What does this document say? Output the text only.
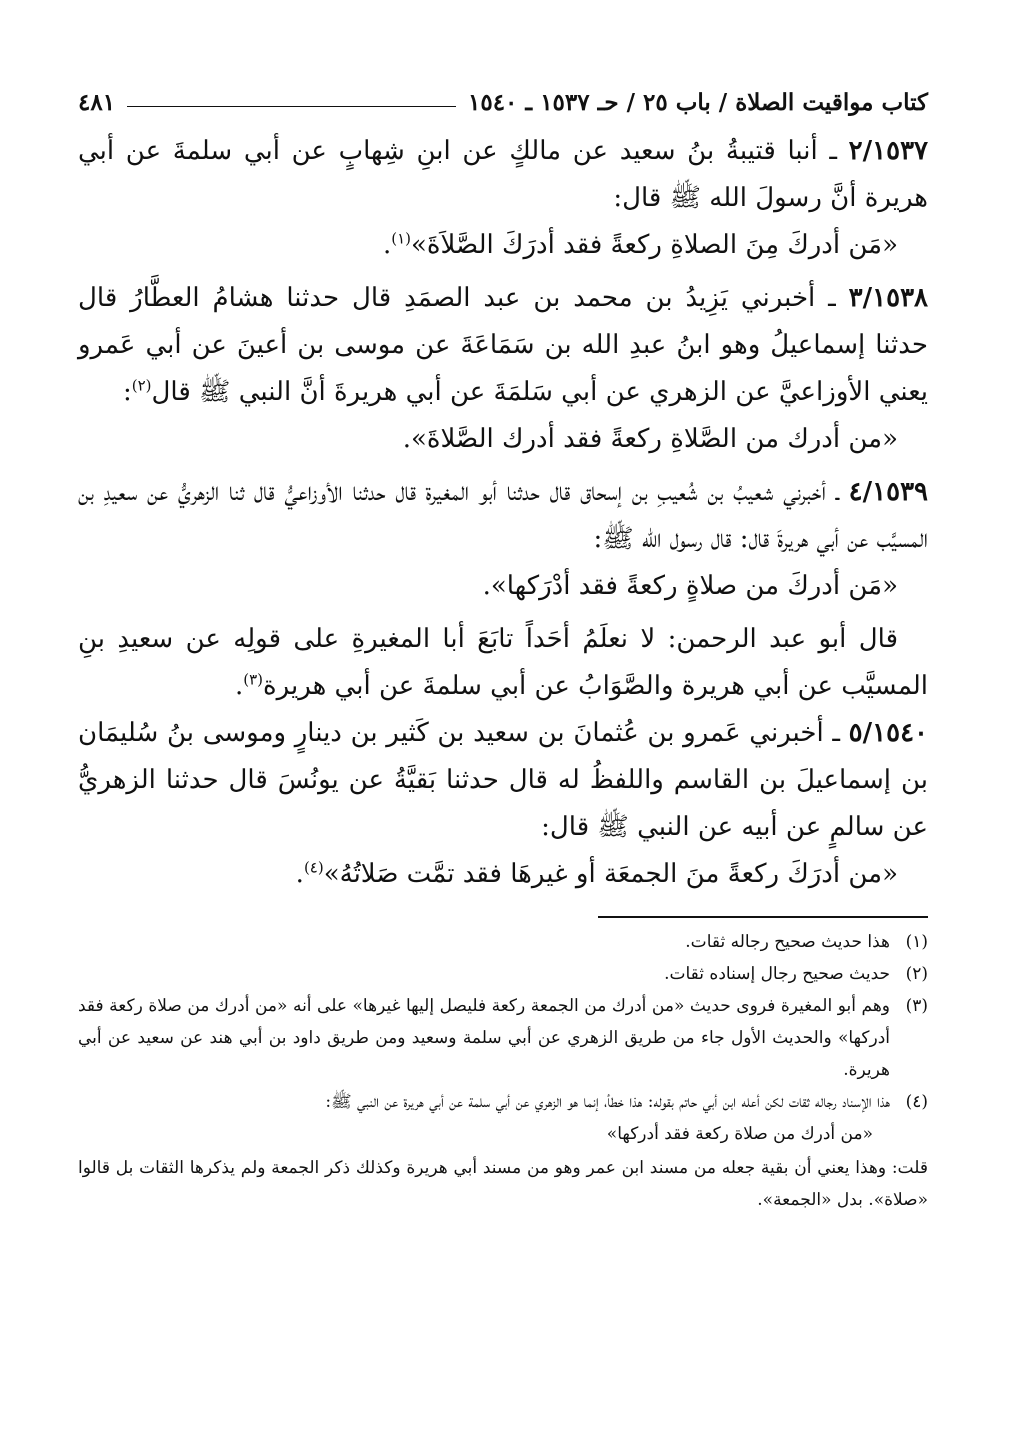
كتاب مواقيت الصلاة / باب ٢٥ / حـ ١٥٣٧ ـ ١٥٤٠
٤٨١

٢/١٥٣٧ ـ أنبا قتيبةُ بنُ سعيد عن مالكٍ عن ابنِ شِهابٍ عن أبي سلمةَ عن أبي هريرة أنَّ رسولَ الله ﷺ قال:

«مَن أدركَ مِنَ الصلاةِ ركعةً فقد أدرَكَ الصَّلاَةَ»$^{(١)}$.

٣/١٥٣٨ ـ أخبرني يَزِيدُ بن محمد بن عبد الصمَدِ قال حدثنا هشامُ العطَّارُ قال حدثنا إسماعيلُ وهو ابنُ عبدِ الله بن سَمَاعَةَ عن موسى بن أعينَ عن أبي عَمرو يعني الأوزاعيَّ عن الزهري عن أبي سَلمَةَ عن أبي هريرةَ أنَّ النبي ﷺ قال$^{(٢)}$:

«من أدرك من الصَّلاةِ ركعةً فقد أدرك الصَّلاةَ».

٤/١٥٣٩ ـ أخبرني شعيبُ بن شُعيبِ بن إسحاق قال حدثنا أبو المغيرة قال حدثنا الأوزاعيُّ قال ثنا الزهريُّ عن سعيدِ بن المسيَّب عن أبي هريرةَ قال: قال رسول الله ﷺ:

«مَن أدركَ من صلاةٍ ركعةً فقد أدْرَكها».

قال أبو عبد الرحمن: لا نعلَمُ أحَداً تابَعَ أبا المغيرةِ على قولِه عن سعيدِ بنِ المسيَّب عن أبي هريرة والصَّوَابُ عن أبي سلمةَ عن أبي هريرة$^{(٣)}$.

٥/١٥٤٠ ـ أخبرني عَمرو بن عُثمانَ بن سعيد بن كَثير بن دينارٍ وموسى بنُ سُليمَان بن إسماعيلَ بن القاسم واللفظُ له قال حدثنا بَقيَّةُ عن يونُسَ قال حدثنا الزهريُّ عن سالمٍ عن أبيه عن النبي ﷺ قال:

«من أدرَكَ ركعةً منَ الجمعَة أو غيرهَا فقد تمَّت صَلاتُهُ»$^{(٤)}$.

(١)
هذا حديث صحيح رجاله ثقات.
(٢)
حديث صحيح رجال إسناده ثقات.
(٣)
وهم أبو المغيرة فروى حديث «من أدرك من الجمعة ركعة فليصل إليها غيرها» على أنه «من أدرك من صلاة ركعة فقد أدركها» والحديث الأول جاء من طريق الزهري عن أبي سلمة وسعيد ومن طريق داود بن أبي هند عن سعيد عن أبي هريرة.
(٤)
هذا الإسناد رجاله ثقات لكن أعله ابن أبي حاتم بقوله: هذا خطأ، إنما هو الزهري عن أبي سلمة عن أبي هريرة عن النبي ﷺ:
«من أدرك من صلاة ركعة فقد أدركها»
قلت: وهذا يعني أن بقية جعله من مسند ابن عمر وهو من مسند أبي هريرة وكذلك ذكر الجمعة ولم يذكرها الثقات بل قالوا «صلاة». بدل «الجمعة».
